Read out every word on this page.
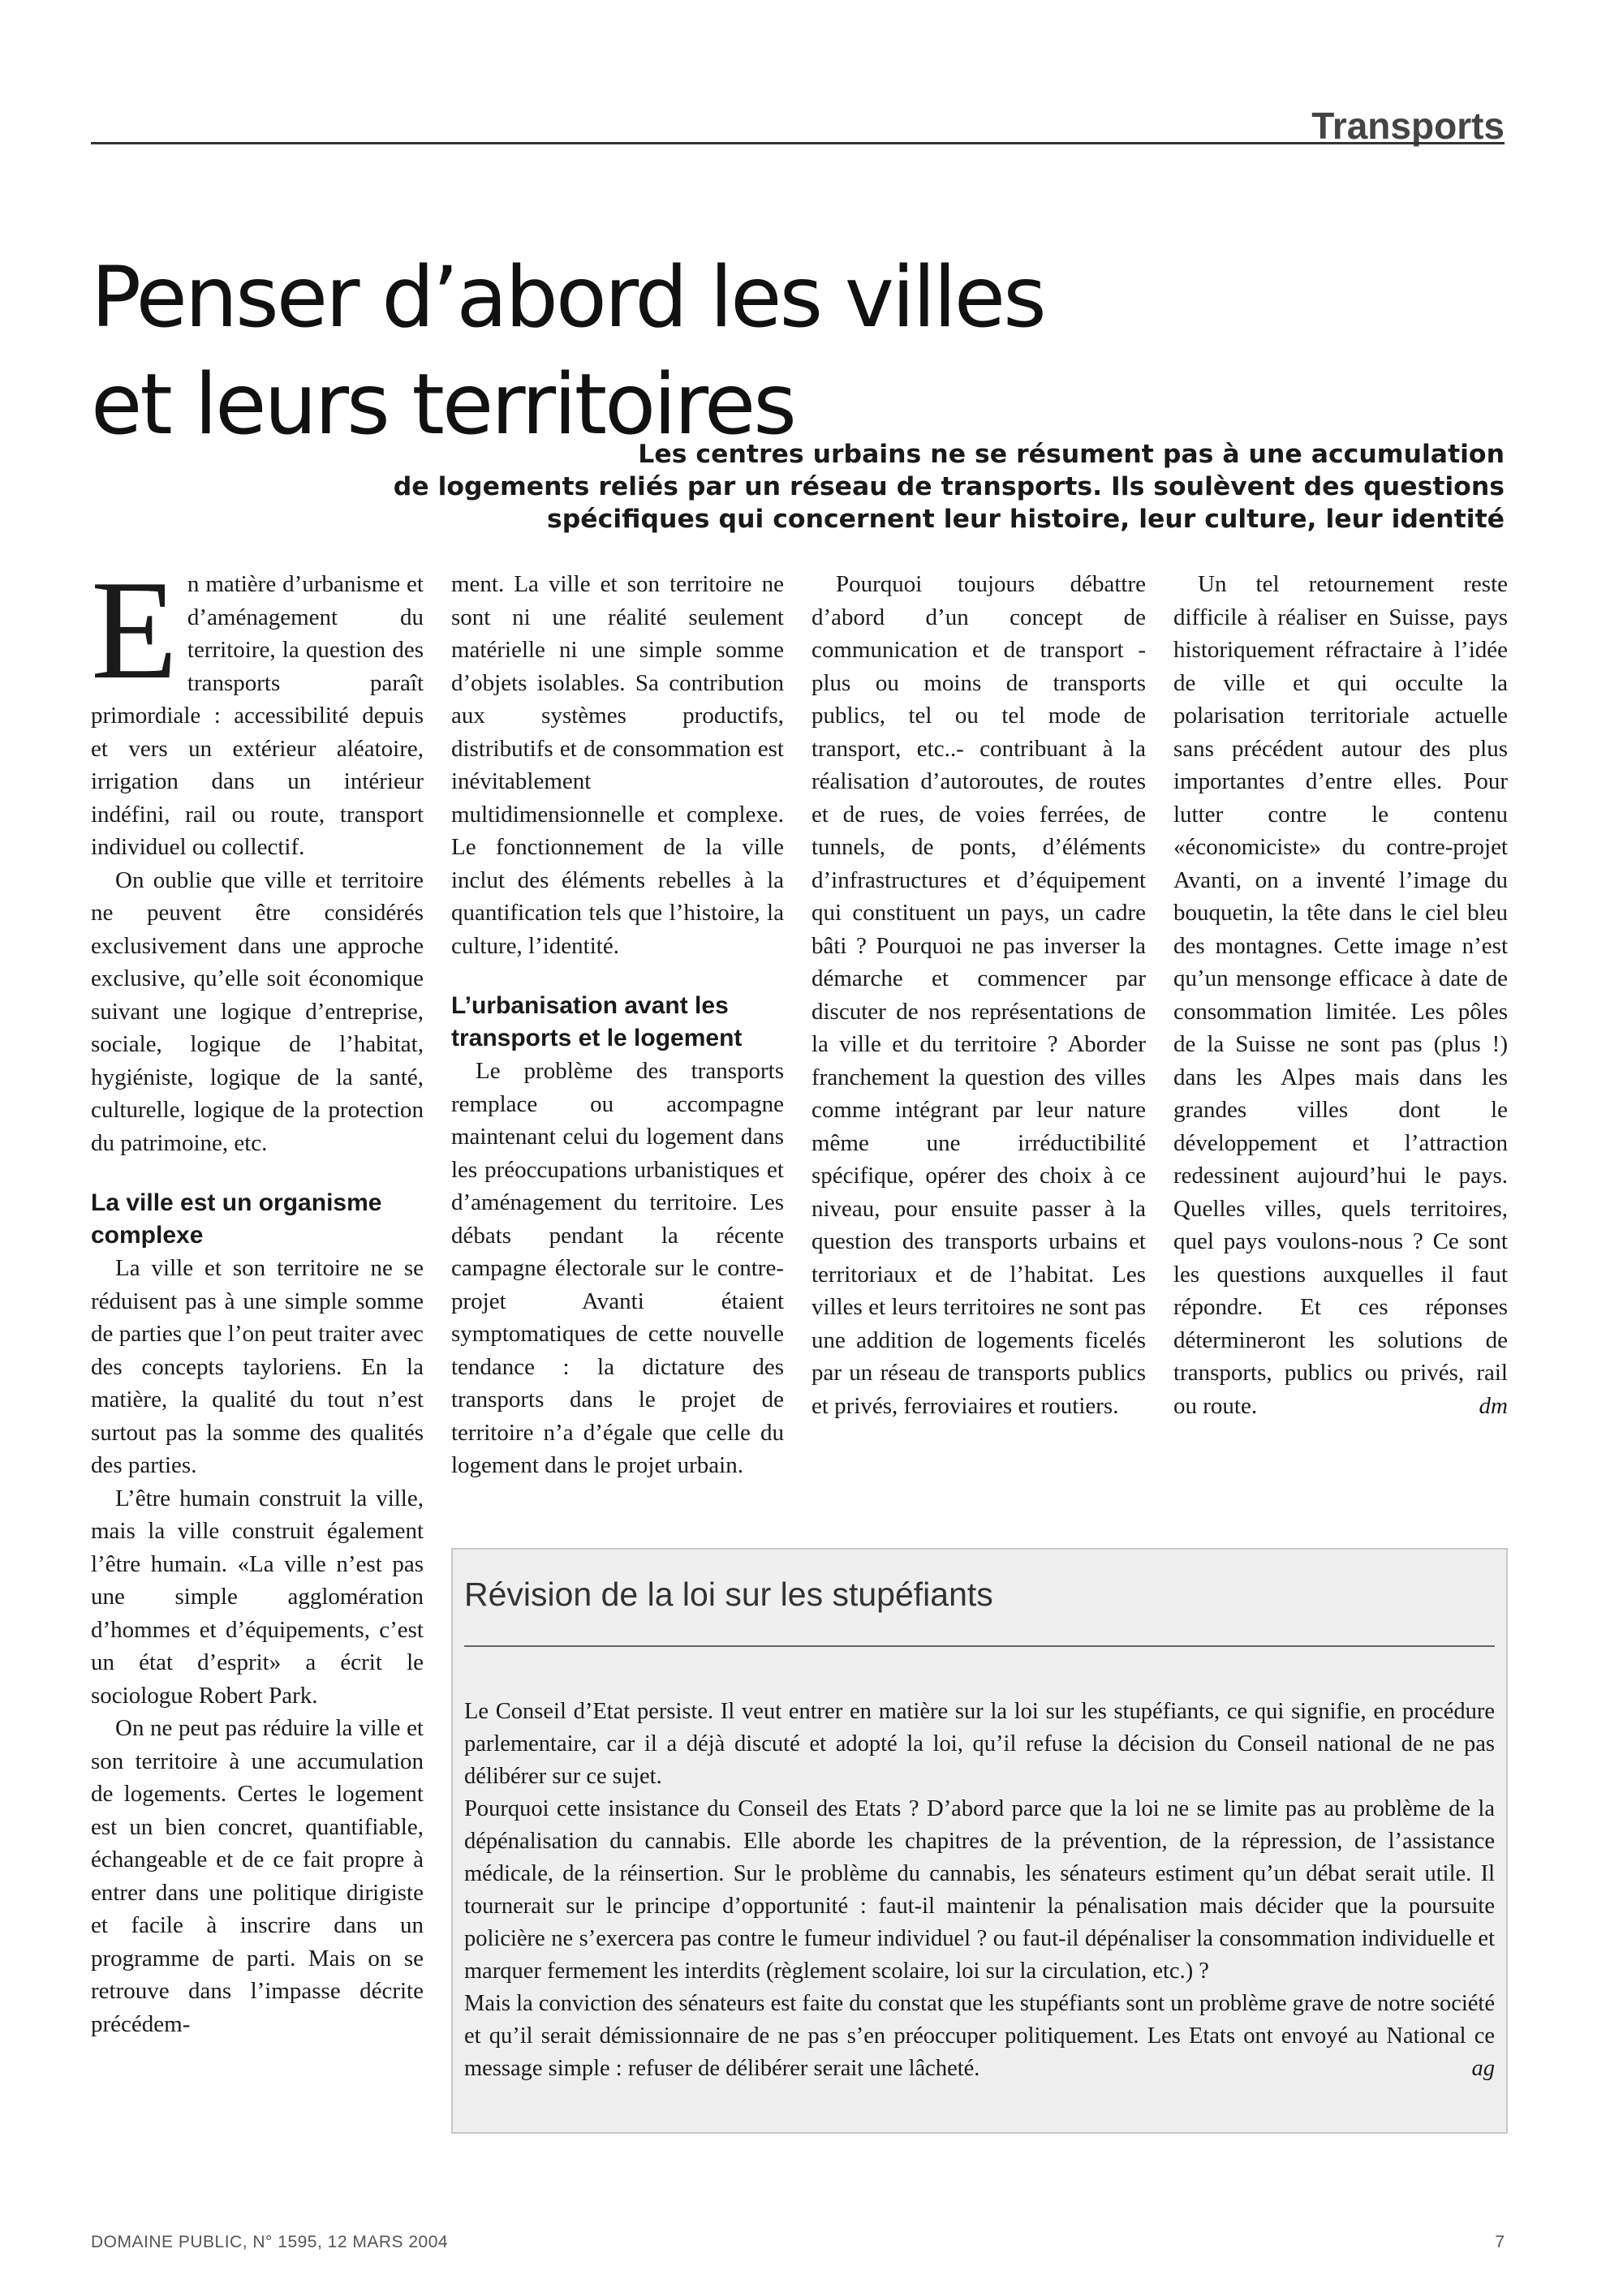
Transports
Penser d’abord les villes
et leurs territoires
Les centres urbains ne se résument pas à une accumulation
de logements reliés par un réseau de transports. Ils soulèvent des questions
spécifiques qui concernent leur histoire, leur culture, leur identité

En matière d’urbanisme et d’aménagement du territoire, la question des transports paraît primordiale : accessibilité depuis et vers un extérieur aléatoire, irrigation dans un intérieur indéfini, rail ou route, transport individuel ou collectif.

On oublie que ville et territoire ne peuvent être considérés exclusivement dans une approche exclusive, qu’elle soit économique suivant une logique d’entreprise, sociale, logique de l’habitat, hygiéniste, logique de la santé, culturelle, logique de la protection du patrimoine, etc.

La ville est un organisme complexe

La ville et son territoire ne se réduisent pas à une simple somme de parties que l’on peut traiter avec des concepts tayloriens. En la matière, la qualité du tout n’est surtout pas la somme des qualités des parties.

L’être humain construit la ville, mais la ville construit également l’être humain. «La ville n’est pas une simple agglomération d’hommes et d’équipements, c’est un état d’esprit» a écrit le sociologue Robert Park.

On ne peut pas réduire la ville et son territoire à une accumulation de logements. Certes le logement est un bien concret, quantifiable, échangeable et de ce fait propre à entrer dans une politique dirigiste et facile à inscrire dans un programme de parti. Mais on se retrouve dans l’impasse décrite précédem-

ment. La ville et son territoire ne sont ni une réalité seulement matérielle ni une simple somme d’objets isolables. Sa contribution aux systèmes productifs, distributifs et de consommation est inévitablement multidimensionnelle et complexe. Le fonctionnement de la ville inclut des éléments rebelles à la quantification tels que l’histoire, la culture, l’identité.

L’urbanisation avant les transports et le logement

Le problème des transports remplace ou accompagne maintenant celui du logement dans les préoccupations urbanistiques et d’aménagement du territoire. Les débats pendant la récente campagne électorale sur le contre-projet Avanti étaient symptomatiques de cette nouvelle tendance : la dictature des transports dans le projet de territoire n’a d’égale que celle du logement dans le projet urbain.

Pourquoi toujours débattre d’abord d’un concept de communication et de transport - plus ou moins de transports publics, tel ou tel mode de transport, etc..- contribuant à la réalisation d’autoroutes, de routes et de rues, de voies ferrées, de tunnels, de ponts, d’éléments d’infrastructures et d’équipement qui constituent un pays, un cadre bâti ? Pourquoi ne pas inverser la démarche et commencer par discuter de nos représentations de la ville et du territoire ? Aborder franchement la question des villes comme intégrant par leur nature même une irréductibilité spécifique, opérer des choix à ce niveau, pour ensuite passer à la question des transports urbains et territoriaux et de l’habitat. Les villes et leurs territoires ne sont pas une addition de logements ficelés par un réseau de transports publics et privés, ferroviaires et routiers.

Un tel retournement reste difficile à réaliser en Suisse, pays historiquement réfractaire à l’idée de ville et qui occulte la polarisation territoriale actuelle sans précédent autour des plus importantes d’entre elles. Pour lutter contre le contenu «économiciste» du contre-projet Avanti, on a inventé l’image du bouquetin, la tête dans le ciel bleu des montagnes. Cette image n’est qu’un mensonge efficace à date de consommation limitée. Les pôles de la Suisse ne sont pas (plus !) dans les Alpes mais dans les grandes villes dont le développement et l’attraction redessinent aujourd’hui le pays. Quelles villes, quels territoires, quel pays voulons-nous ? Ce sont les questions auxquelles il faut répondre. Et ces réponses détermineront les solutions de transports, publics ou privés, rail ou route.	dm

Révision de la loi sur les stupéfiants

Le Conseil d’Etat persiste. Il veut entrer en matière sur la loi sur les stupéfiants, ce qui signifie, en procédure parlementaire, car il a déjà discuté et adopté la loi, qu’il refuse la décision du Conseil national de ne pas délibérer sur ce sujet.

Pourquoi cette insistance du Conseil des Etats ? D’abord parce que la loi ne se limite pas au problème de la dépénalisation du cannabis. Elle aborde les chapitres de la prévention, de la répression, de l’assistance médicale, de la réinsertion. Sur le problème du cannabis, les sénateurs estiment qu’un débat serait utile. Il tournerait sur le principe d’opportunité : faut-il maintenir la pénalisation mais décider que la poursuite policière ne s’exercera pas contre le fumeur individuel ? ou faut-il dépénaliser la consommation individuelle et marquer fermement les interdits (règlement scolaire, loi sur la circulation, etc.) ?

Mais la conviction des sénateurs est faite du constat que les stupéfiants sont un problème grave de notre société et qu’il serait démissionnaire de ne pas s’en préoccuper politiquement. Les Etats ont envoyé au National ce message simple : refuser de délibérer serait une lâcheté.	ag

DOMAINE PUBLIC, N° 1595, 12 MARS 2004	7
